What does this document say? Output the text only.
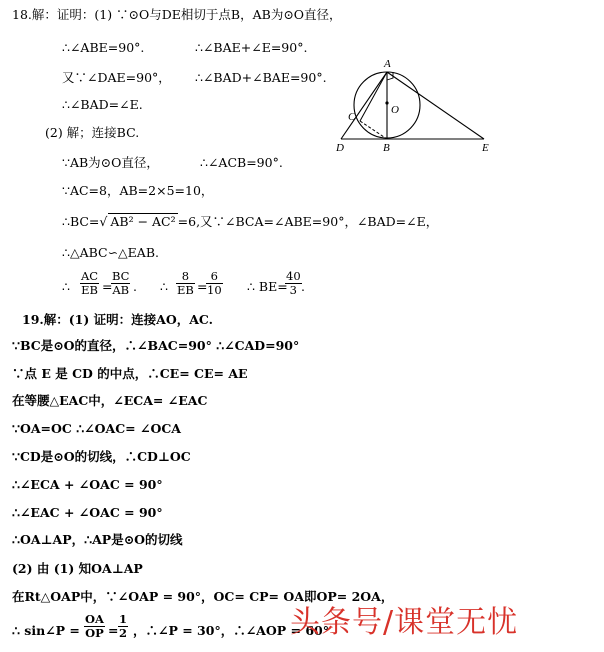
18.解：证明：(1) ∵⊙O与DE相切于点B，AB为⊙O直径，
∴∠ABE=90°.	∴∠BAE+∠E=90°.
又∵∠DAE=90°， ∴∠BAD+∠BAE=90°.
∴∠BAD=∠E.
(2) 解；连接BC.
∵AB为⊙O直径，	∴∠ACB=90°.
∵AC=8，AB=2×5=10，
∴BC=√ AB² − AC² =6,又∵∠BCA=∠ABE=90°，∠BAD=∠E，
∴△ABC∽△EAB.
∴ $\frac{AC}{EB}$ =
$\frac{BC}{AB}$ . ∴ $\frac{8}{EB}$ =
$\frac{6}{10}$ ∴ BE=
$\frac{40}{3}$ .
A
O
C
D	B	E
19.解：(1) 证明：连接AO，AC.
∵BC是⊙O的直径，∴∠BAC=90° ∴∠CAD=90°
∵点 E 是 CD 的中点，∴CE= CE= AE
在等腰△EAC中，∠ECA= ∠EAC
∵OA=OC ∴∠OAC= ∠OCA
∵CD是⊙O的切线，∴CD⊥OC
∴∠ECA + ∠OAC = 90°
∴∠EAC + ∠OAC = 90°
∴OA⊥AP，∴AP是⊙O的切线
(2) 由 (1) 知OA⊥AP
在Rt△OAP中，∵∠OAP = 90°，OC= CP= OA即OP= 2OA，
∴ sin∠P = $\frac{OA}{OP} = \frac{1}{2}$ ，∴∠P = 30°，∴∠AOP = 60°
头条号/课堂无忧
